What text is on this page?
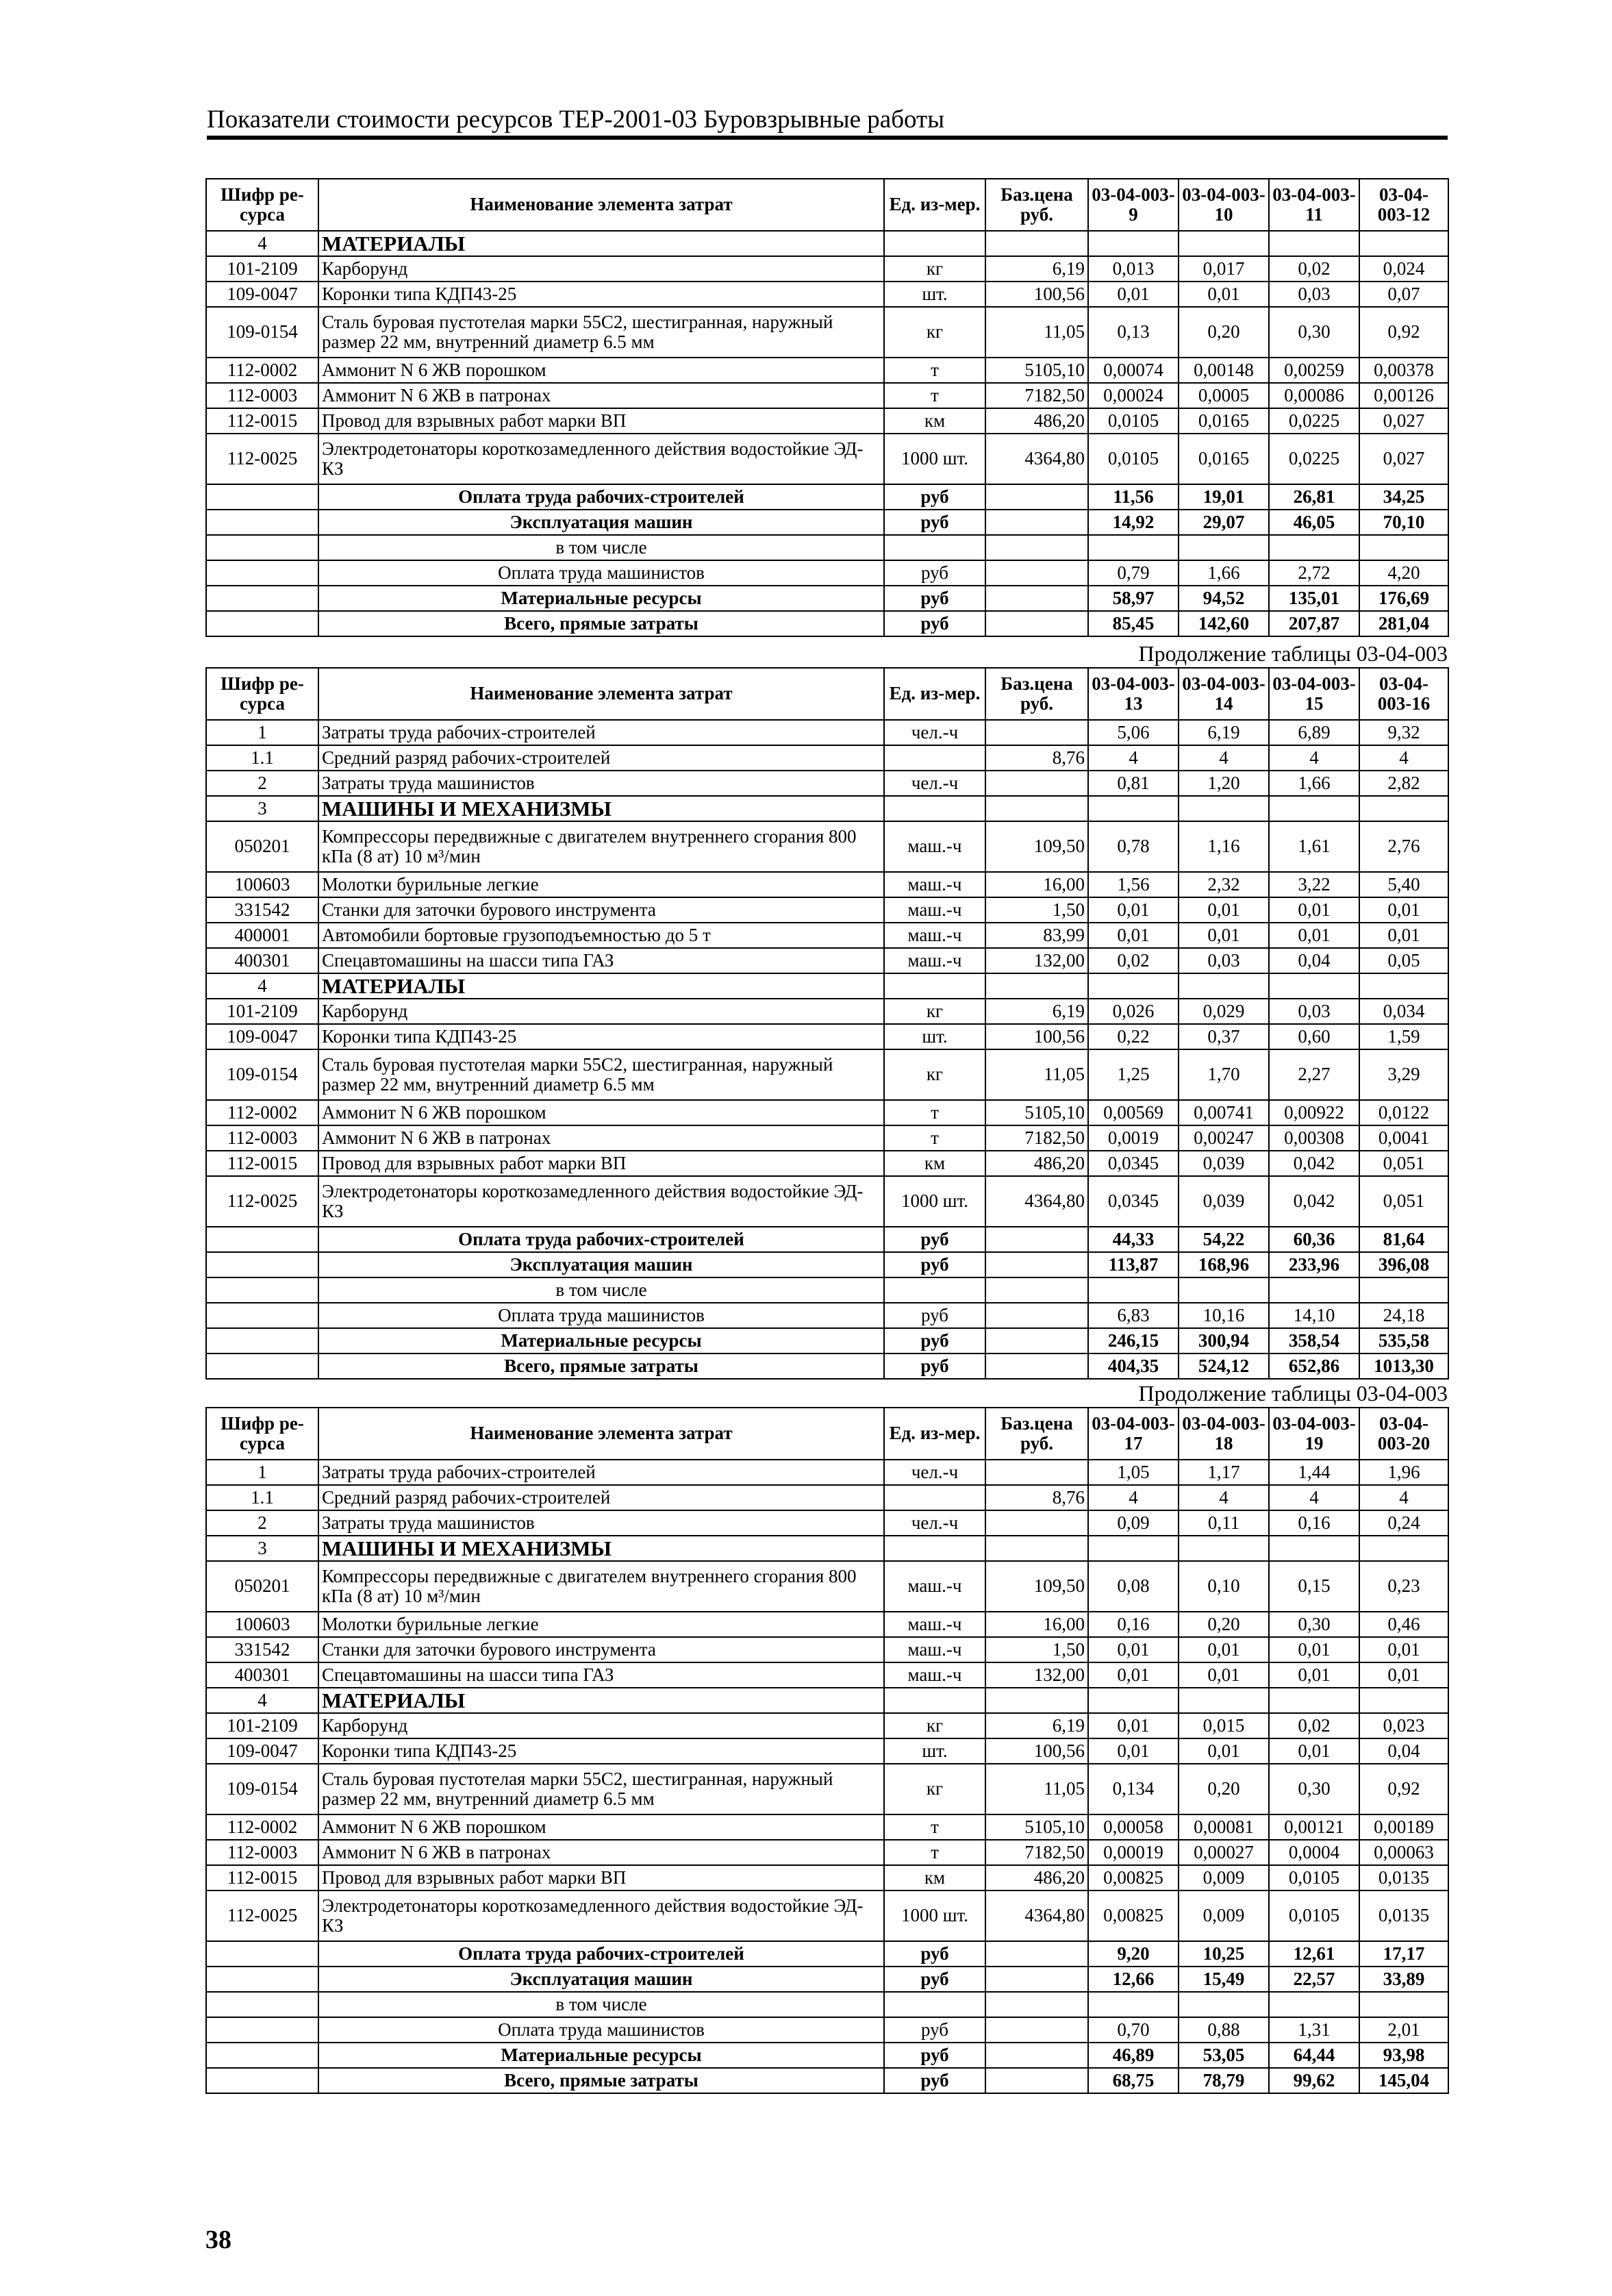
Показатели стоимости ресурсов ТЕР-2001-03 Буровзрывные работы
Продолжение таблицы 03-04-003
Продолжение таблицы 03-04-003
Шифр ре-сурса	Наименование элемента затрат	Ед. из-мер.	Баз.цена руб.	03-04-003-9	03-04-003-10	03-04-003-11	03-04-003-12
4	МАТЕРИАЛЫ						
101-2109	Карборунд	кг	6,19	0,013	0,017	0,02	0,024
109-0047	Коронки типа КДП43-25	шт.	100,56	0,01	0,01	0,03	0,07
109-0154	Сталь буровая пустотелая марки 55С2, шестигранная, наружный размер 22 мм, внутренний диаметр 6.5 мм	кг	11,05	0,13	0,20	0,30	0,92
112-0002	Аммонит N 6 ЖВ порошком	т	5105,10	0,00074	0,00148	0,00259	0,00378
112-0003	Аммонит N 6 ЖВ в патронах	т	7182,50	0,00024	0,0005	0,00086	0,00126
112-0015	Провод для взрывных работ марки ВП	км	486,20	0,0105	0,0165	0,0225	0,027
112-0025	Электродетонаторы короткозамедленного действия водостойкие ЭД-КЗ	1000 шт.	4364,80	0,0105	0,0165	0,0225	0,027
	Оплата труда рабочих-строителей	руб		11,56	19,01	26,81	34,25
	Эксплуатация машин	руб		14,92	29,07	46,05	70,10
	в том числе						
	Оплата труда машинистов	руб		0,79	1,66	2,72	4,20
	Материальные ресурсы	руб		58,97	94,52	135,01	176,69
	Всего, прямые затраты	руб		85,45	142,60	207,87	281,04
Шифр ре-сурса	Наименование элемента затрат	Ед. из-мер.	Баз.цена руб.	03-04-003-13	03-04-003-14	03-04-003-15	03-04-003-16
1	Затраты труда рабочих-строителей	чел.-ч		5,06	6,19	6,89	9,32
1.1	Средний разряд рабочих-строителей		8,76	4	4	4	4
2	Затраты труда машинистов	чел.-ч		0,81	1,20	1,66	2,82
3	МАШИНЫ И МЕХАНИЗМЫ						
050201	Компрессоры передвижные с двигателем внутреннего сгорания 800 кПа (8 ат) 10 м³/мин	маш.-ч	109,50	0,78	1,16	1,61	2,76
100603	Молотки бурильные легкие	маш.-ч	16,00	1,56	2,32	3,22	5,40
331542	Станки для заточки бурового инструмента	маш.-ч	1,50	0,01	0,01	0,01	0,01
400001	Автомобили бортовые грузоподъемностью до 5 т	маш.-ч	83,99	0,01	0,01	0,01	0,01
400301	Спецавтомашины на шасси типа ГАЗ	маш.-ч	132,00	0,02	0,03	0,04	0,05
4	МАТЕРИАЛЫ						
101-2109	Карборунд	кг	6,19	0,026	0,029	0,03	0,034
109-0047	Коронки типа КДП43-25	шт.	100,56	0,22	0,37	0,60	1,59
109-0154	Сталь буровая пустотелая марки 55С2, шестигранная, наружный размер 22 мм, внутренний диаметр 6.5 мм	кг	11,05	1,25	1,70	2,27	3,29
112-0002	Аммонит N 6 ЖВ порошком	т	5105,10	0,00569	0,00741	0,00922	0,0122
112-0003	Аммонит N 6 ЖВ в патронах	т	7182,50	0,0019	0,00247	0,00308	0,0041
112-0015	Провод для взрывных работ марки ВП	км	486,20	0,0345	0,039	0,042	0,051
112-0025	Электродетонаторы короткозамедленного действия водостойкие ЭД-КЗ	1000 шт.	4364,80	0,0345	0,039	0,042	0,051
	Оплата труда рабочих-строителей	руб		44,33	54,22	60,36	81,64
	Эксплуатация машин	руб		113,87	168,96	233,96	396,08
	в том числе						
	Оплата труда машинистов	руб		6,83	10,16	14,10	24,18
	Материальные ресурсы	руб		246,15	300,94	358,54	535,58
	Всего, прямые затраты	руб		404,35	524,12	652,86	1013,30
Шифр ре-сурса	Наименование элемента затрат	Ед. из-мер.	Баз.цена руб.	03-04-003-17	03-04-003-18	03-04-003-19	03-04-003-20
1	Затраты труда рабочих-строителей	чел.-ч		1,05	1,17	1,44	1,96
1.1	Средний разряд рабочих-строителей		8,76	4	4	4	4
2	Затраты труда машинистов	чел.-ч		0,09	0,11	0,16	0,24
3	МАШИНЫ И МЕХАНИЗМЫ						
050201	Компрессоры передвижные с двигателем внутреннего сгорания 800 кПа (8 ат) 10 м³/мин	маш.-ч	109,50	0,08	0,10	0,15	0,23
100603	Молотки бурильные легкие	маш.-ч	16,00	0,16	0,20	0,30	0,46
331542	Станки для заточки бурового инструмента	маш.-ч	1,50	0,01	0,01	0,01	0,01
400301	Спецавтомашины на шасси типа ГАЗ	маш.-ч	132,00	0,01	0,01	0,01	0,01
4	МАТЕРИАЛЫ						
101-2109	Карборунд	кг	6,19	0,01	0,015	0,02	0,023
109-0047	Коронки типа КДП43-25	шт.	100,56	0,01	0,01	0,01	0,04
109-0154	Сталь буровая пустотелая марки 55С2, шестигранная, наружный размер 22 мм, внутренний диаметр 6.5 мм	кг	11,05	0,134	0,20	0,30	0,92
112-0002	Аммонит N 6 ЖВ порошком	т	5105,10	0,00058	0,00081	0,00121	0,00189
112-0003	Аммонит N 6 ЖВ в патронах	т	7182,50	0,00019	0,00027	0,0004	0,00063
112-0015	Провод для взрывных работ марки ВП	км	486,20	0,00825	0,009	0,0105	0,0135
112-0025	Электродетонаторы короткозамедленного действия водостойкие ЭД-КЗ	1000 шт.	4364,80	0,00825	0,009	0,0105	0,0135
	Оплата труда рабочих-строителей	руб		9,20	10,25	12,61	17,17
	Эксплуатация машин	руб		12,66	15,49	22,57	33,89
	в том числе						
	Оплата труда машинистов	руб		0,70	0,88	1,31	2,01
	Материальные ресурсы	руб		46,89	53,05	64,44	93,98
	Всего, прямые затраты	руб		68,75	78,79	99,62	145,04
38
